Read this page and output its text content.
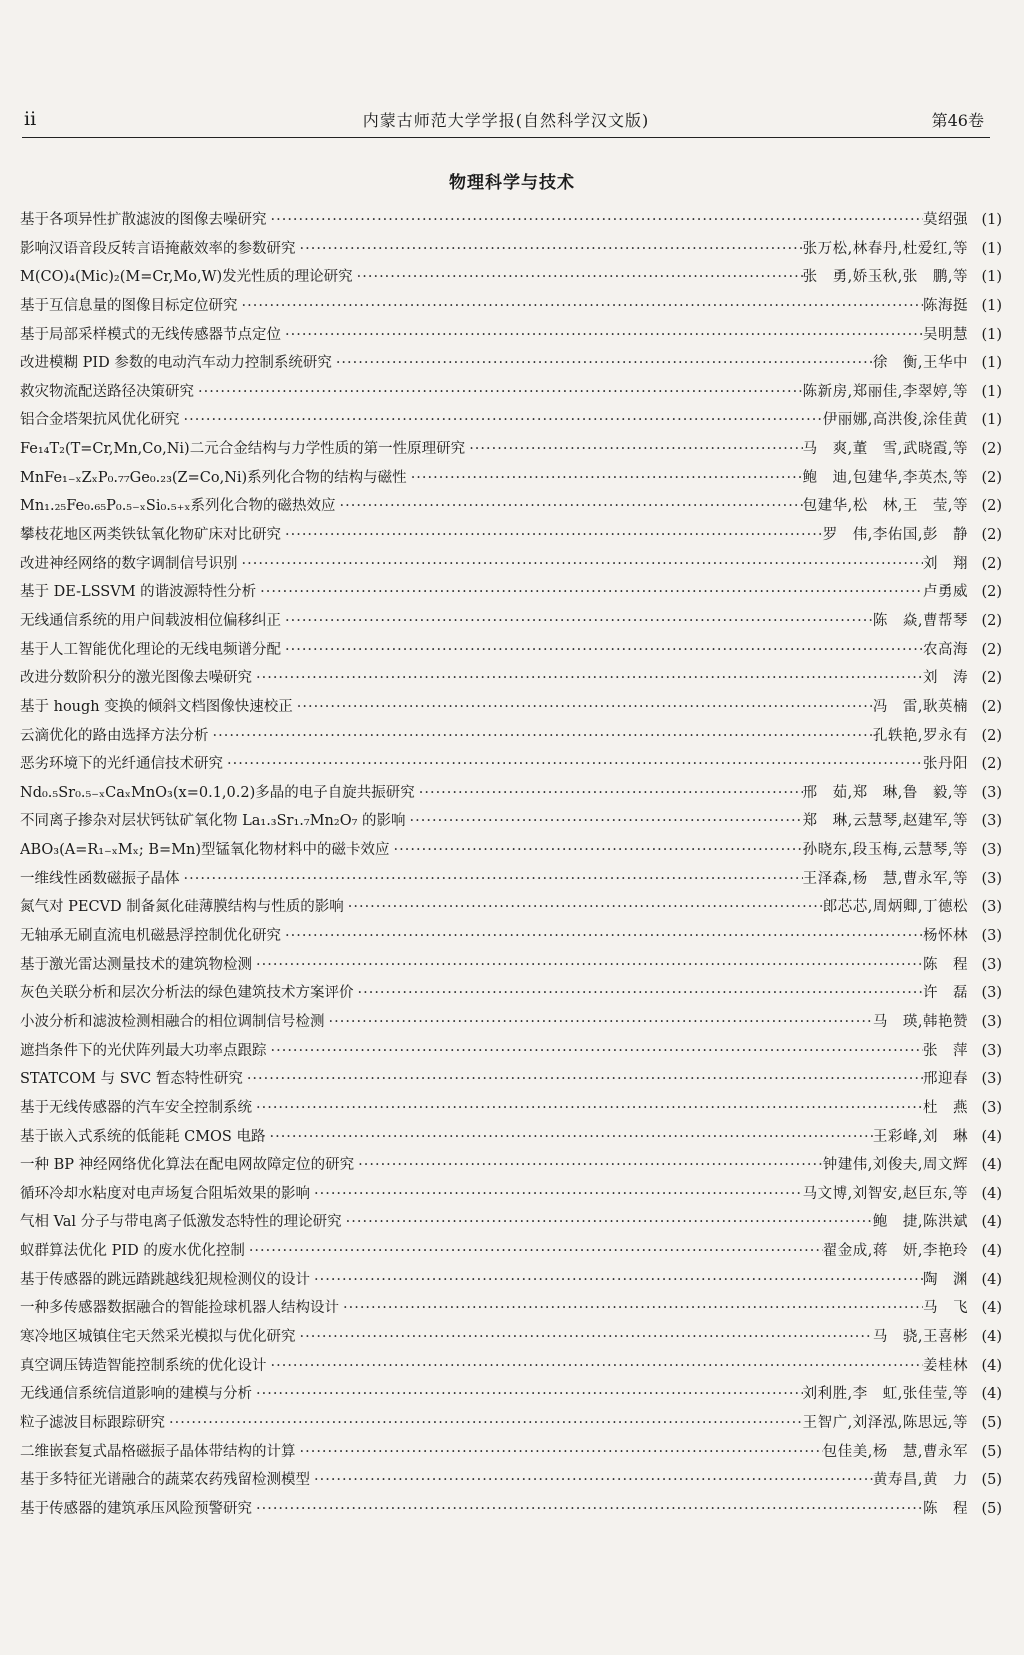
ii	内蒙古师范大学学报(自然科学汉文版)	第46卷
物理科学与技术
基于各项异性扩散滤波的图像去噪研究 ·····	莫绍强 (1)
影响汉语音段反转言语掩蔽效率的参数研究 ·····	张万松,林春丹,杜爱红,等 (1)
M(CO)₄(Mic)₂(M=Cr,Mo,W)发光性质的理论研究 ·····	张　勇,娇玉秋,张　鹏,等 (1)
基于互信息量的图像目标定位研究 ·····	陈海挺 (1)
基于局部采样模式的无线传感器节点定位 ·····	吴明慧 (1)
改进模糊 PID 参数的电动汽车动力控制系统研究 ·····	徐　衡,王华中 (1)
救灾物流配送路径决策研究 ·····	陈新房,郑丽佳,李翠婷,等 (1)
铝合金塔架抗风优化研究 ·····	伊丽娜,高洪俊,涂佳黄 (1)
Fe₁₄T₂(T=Cr,Mn,Co,Ni)二元合金结构与力学性质的第一性原理研究 ·····	马　爽,董　雪,武晓霞,等 (2)
MnFe₁₋ₓZₓP₀.₇₇Ge₀.₂₃(Z=Co,Ni)系列化合物的结构与磁性 ·····	鲍　迪,包建华,李英杰,等 (2)
Mn₁.₂₅Fe₀.₆₅P₀.₅₋ₓSi₀.₅₊ₓ系列化合物的磁热效应 ·····	包建华,松　林,王　莹,等 (2)
攀枝花地区两类铁钛氧化物矿床对比研究 ·····	罗　伟,李佑国,彭　静 (2)
改进神经网络的数字调制信号识别 ·····	刘　翔 (2)
基于 DE-LSSVM 的谐波源特性分析 ·····	卢勇威 (2)
无线通信系统的用户间载波相位偏移纠正 ·····	陈　焱,曹帮琴 (2)
基于人工智能优化理论的无线电频谱分配 ·····	农高海 (2)
改进分数阶积分的激光图像去噪研究 ·····	刘　涛 (2)
基于 hough 变换的倾斜文档图像快速校正 ·····	冯　雷,耿英楠 (2)
云滴优化的路由选择方法分析 ·····	孔轶艳,罗永有 (2)
恶劣环境下的光纤通信技术研究 ·····	张丹阳 (2)
Nd₀.₅Sr₀.₅₋ₓCaₓMnO₃(x=0.1,0.2)多晶的电子自旋共振研究 ·····	邢　茹,郑　琳,鲁　毅,等 (3)
不同离子掺杂对层状钙钛矿氧化物 La₁.₃Sr₁.₇Mn₂O₇ 的影响 ·····	郑　琳,云慧琴,赵建军,等 (3)
ABO₃(A=R₁₋ₓMₓ; B=Mn)型锰氧化物材料中的磁卡效应 ·····	孙晓东,段玉梅,云慧琴,等 (3)
一维线性函数磁振子晶体 ·····	王泽森,杨　慧,曹永军,等 (3)
氮气对 PECVD 制备氮化硅薄膜结构与性质的影响 ·····	郎芯芯,周炳卿,丁德松 (3)
无轴承无刷直流电机磁悬浮控制优化研究 ·····	杨怀林 (3)
基于激光雷达测量技术的建筑物检测 ·····	陈　程 (3)
灰色关联分析和层次分析法的绿色建筑技术方案评价 ·····	许　磊 (3)
小波分析和滤波检测相融合的相位调制信号检测 ·····	马　瑛,韩艳赞 (3)
遮挡条件下的光伏阵列最大功率点跟踪 ·····	张　萍 (3)
STATCOM 与 SVC 暂态特性研究 ·····	邢迎春 (3)
基于无线传感器的汽车安全控制系统 ·····	杜　燕 (3)
基于嵌入式系统的低能耗 CMOS 电路 ·····	王彩峰,刘　琳 (4)
一种 BP 神经网络优化算法在配电网故障定位的研究 ·····	钟建伟,刘俊夫,周文辉 (4)
循环冷却水粘度对电声场复合阻垢效果的影响 ·····	马文博,刘智安,赵巨东,等 (4)
气相 Val 分子与带电离子低激发态特性的理论研究 ·····	鲍　捷,陈洪斌 (4)
蚁群算法优化 PID 的废水优化控制 ·····	翟金成,蒋　妍,李艳玲 (4)
基于传感器的跳远踏跳越线犯规检测仪的设计 ·····	陶　渊 (4)
一种多传感器数据融合的智能捡球机器人结构设计 ·····	马　飞 (4)
寒冷地区城镇住宅天然采光模拟与优化研究 ·····	马　骁,王喜彬 (4)
真空调压铸造智能控制系统的优化设计 ·····	姜桂林 (4)
无线通信系统信道影响的建模与分析 ·····	刘利胜,李　虹,张佳莹,等 (4)
粒子滤波目标跟踪研究 ·····	王智广,刘泽泓,陈思远,等 (5)
二维嵌套复式晶格磁振子晶体带结构的计算 ·····	包佳美,杨　慧,曹永军 (5)
基于多特征光谱融合的蔬菜农药残留检测模型 ·····	黄寿昌,黄　力 (5)
基于传感器的建筑承压风险预警研究 ·····	陈　程 (5)
